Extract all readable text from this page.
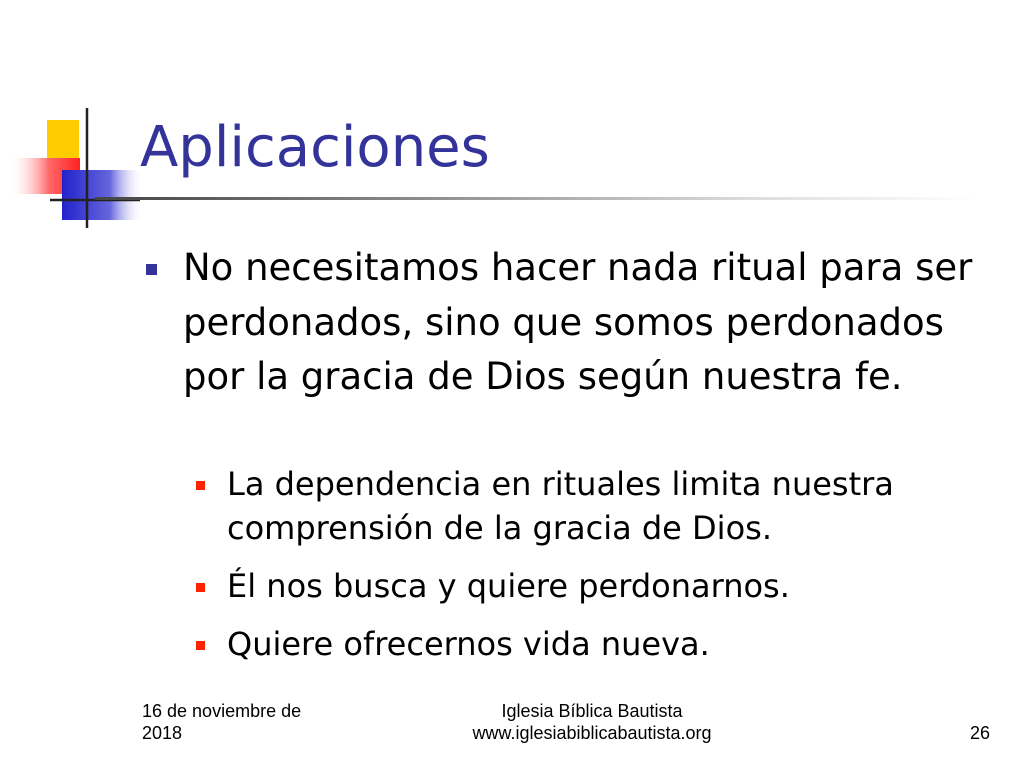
Aplicaciones
No necesitamos hacer nada ritual para ser perdonados, sino que somos perdonados por la gracia de Dios según nuestra fe.
La dependencia en rituales limita nuestra comprensión de la gracia de Dios.
Él nos busca y quiere perdonarnos.
Quiere ofrecernos vida nueva.
16 de noviembre de
2018
Iglesia Bíblica Bautista
www.iglesiabiblicabautista.org	26
